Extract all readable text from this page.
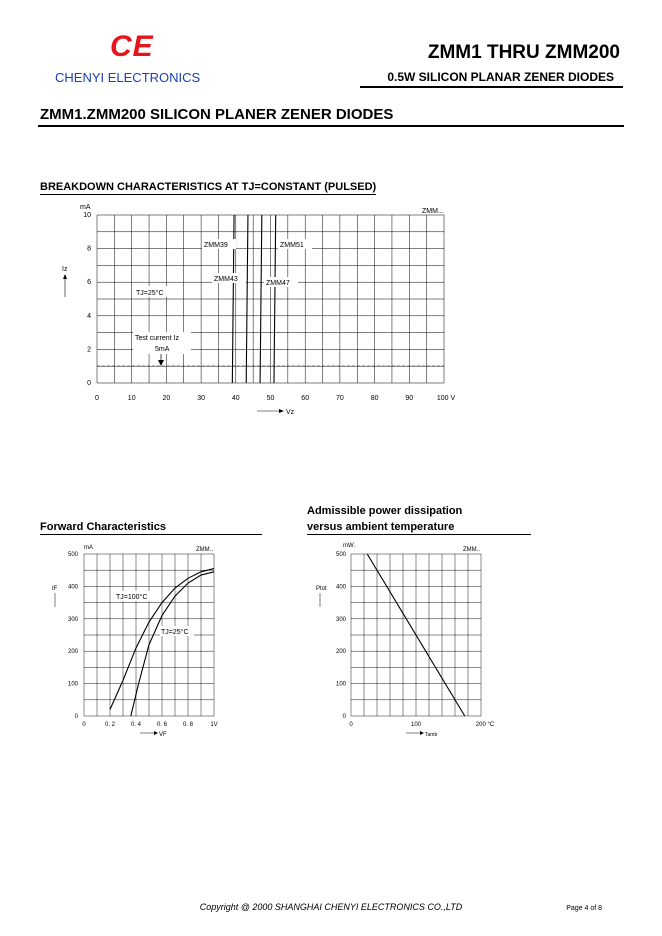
CE
CHENYI ELECTRONICS
ZMM1 THRU ZMM200
0.5W SILICON PLANAR ZENER DIODES
ZMM1.ZMM200 SILICON PLANER ZENER DIODES
BREAKDOWN CHARACTERISTICS AT TJ=CONSTANT (PULSED)
0	10	20	30	40	50	60	70	80	90	100 V
0
2
4
6
8
10
mA
Iz
Vz
ZMM...
ZMM39	ZMM51
ZMM43
ZMM47
TJ=25°C
Test current Iz
5mA
Forward Characteristics
0	0. 2	0. 4	0. 6	0. 8	1V
0
100
200
300
400
500
mA
IF
VF
ZMM..
TJ=100°C
TJ=25°C
Admissible power dissipation
versus ambient temperature
0	100	200 °C
0
100
200
300
400
500
mW.
Ptot
Tamb
ZMM..
Copyright @ 2000 SHANGHAI CHENYI ELECTRONICS CO.,LTD	Page 4 of 8
